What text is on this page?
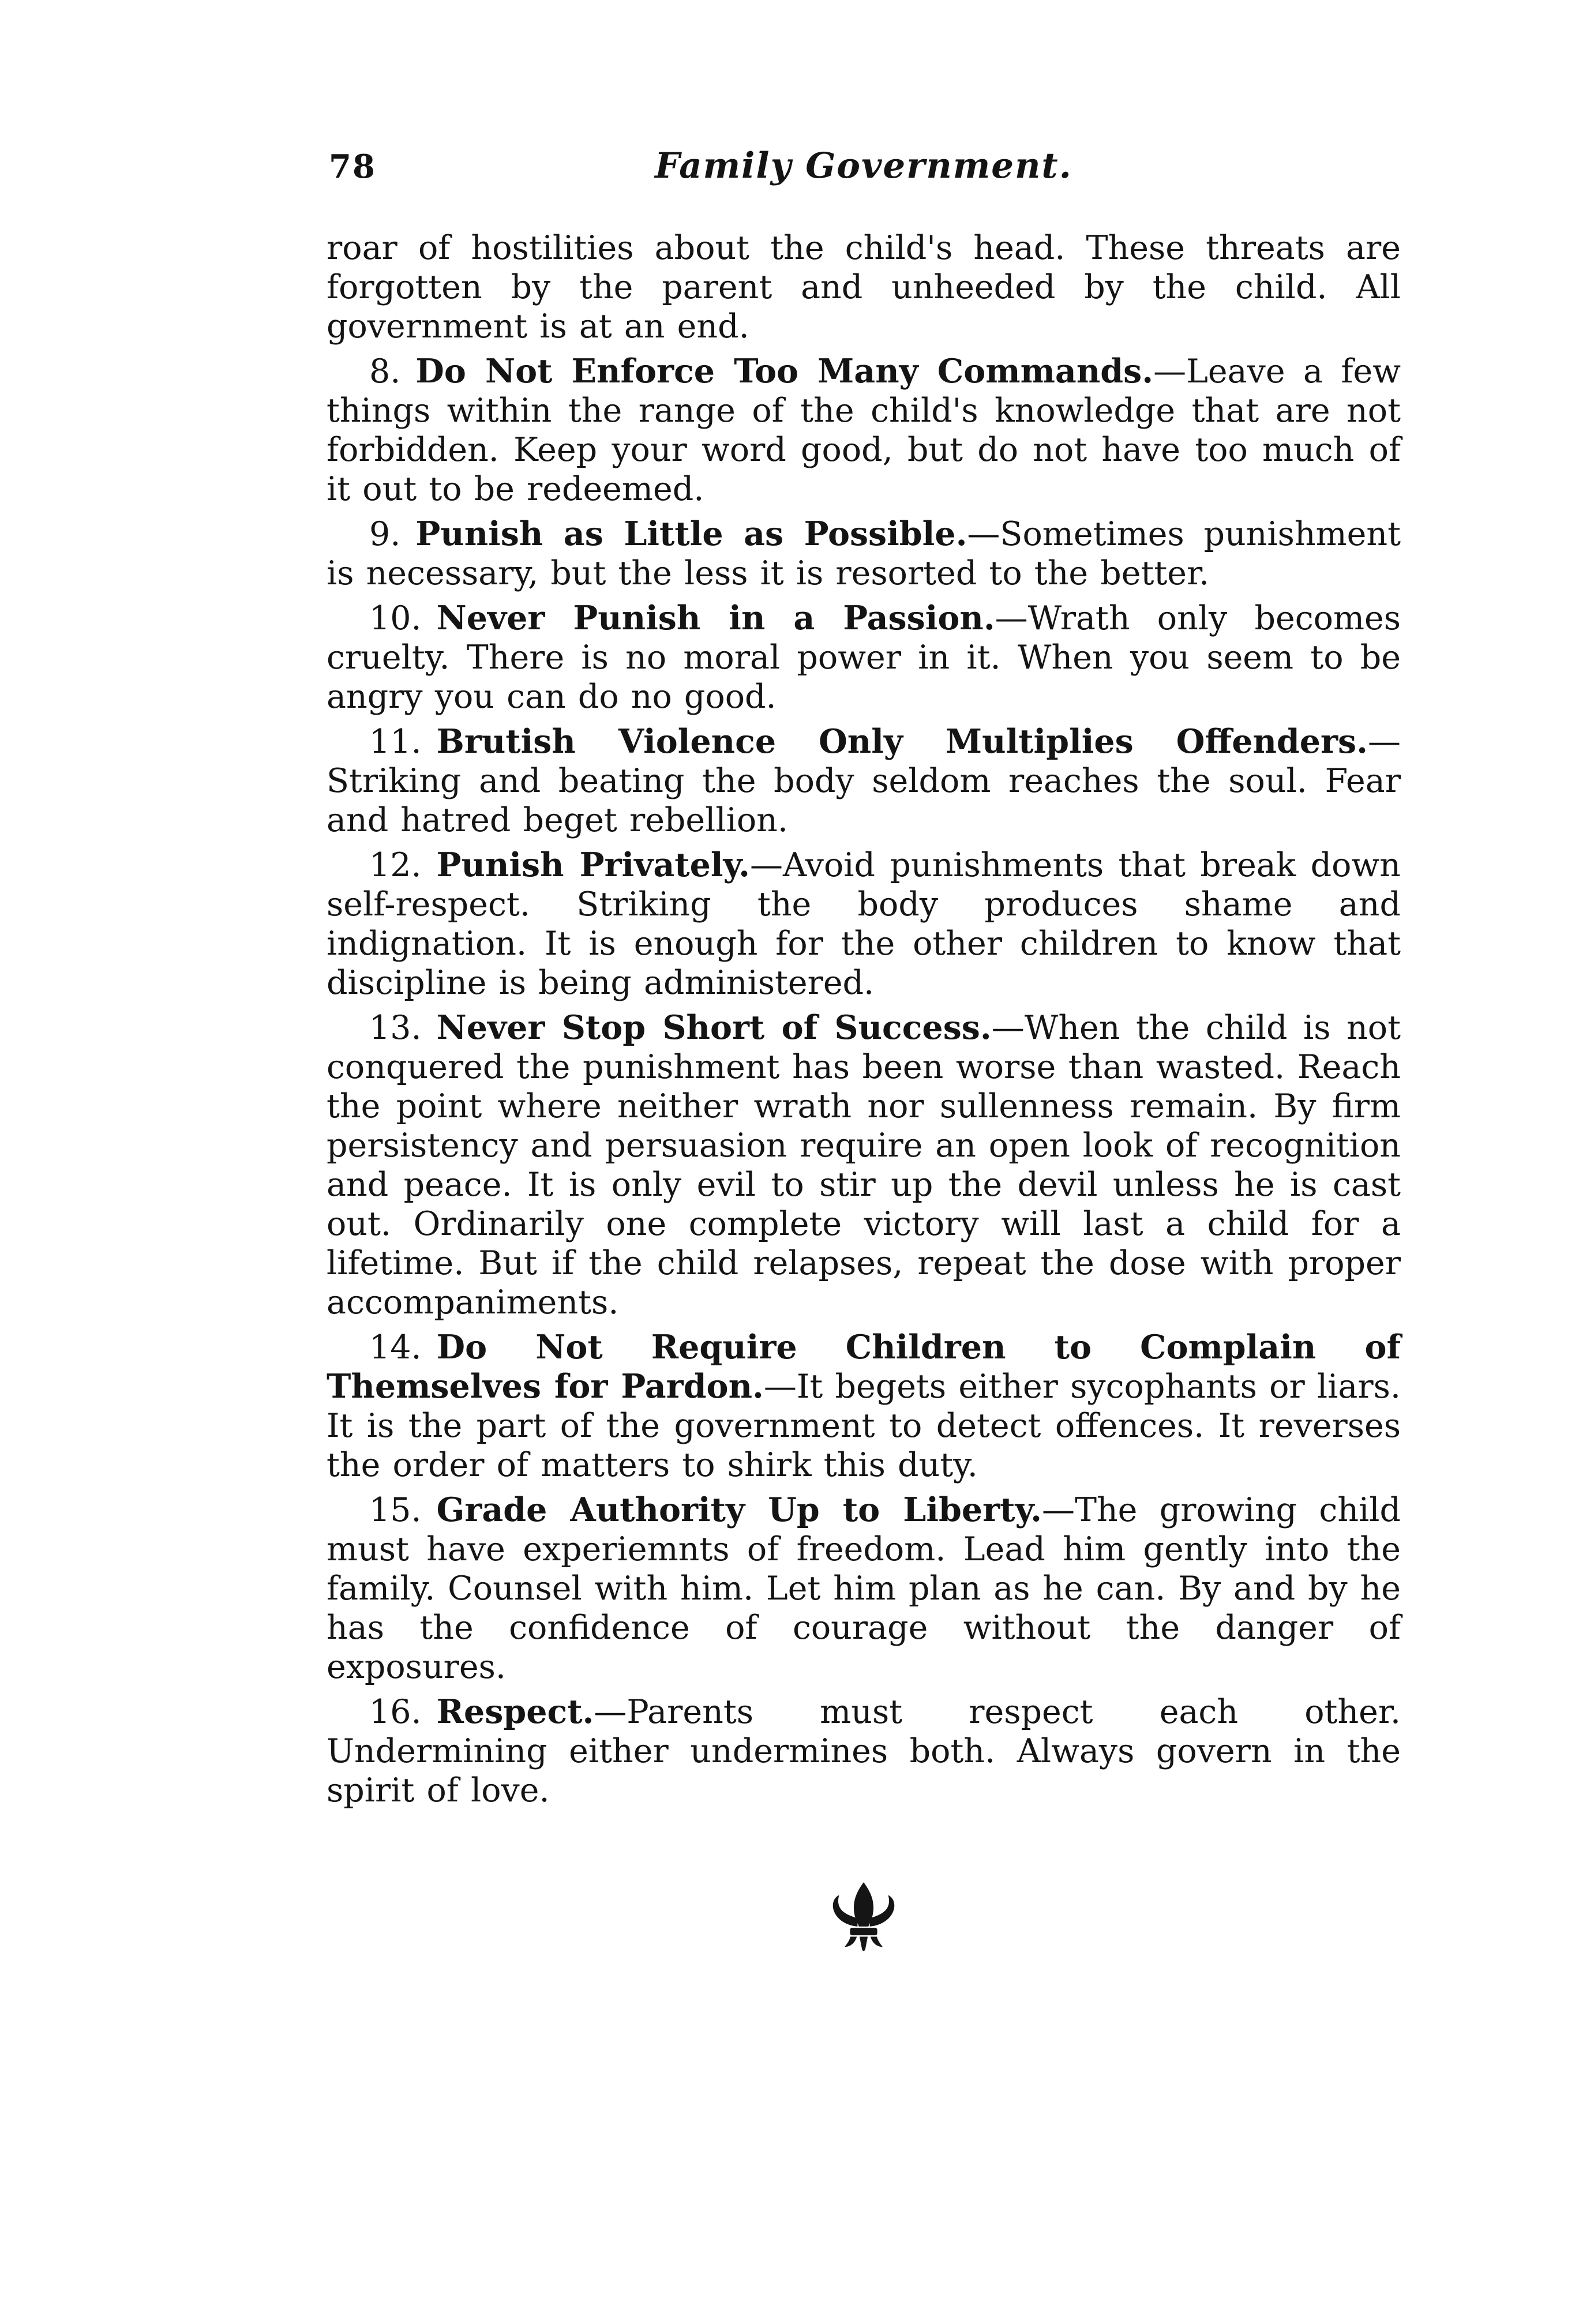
78	Family Government.

roar of hostilities about the child's head. These threats are forgotten by the parent and unheeded by the child. All government is at an end.

8. Do Not Enforce Too Many Commands.—Leave a few things within the range of the child's knowledge that are not forbidden. Keep your word good, but do not have too much of it out to be redeemed.

9. Punish as Little as Possible.—Sometimes punishment is necessary, but the less it is resorted to the better.

10. Never Punish in a Passion.—Wrath only becomes cruelty. There is no moral power in it. When you seem to be angry you can do no good.

11. Brutish Violence Only Multiplies Offenders.—Striking and beating the body seldom reaches the soul. Fear and hatred beget rebellion.

12. Punish Privately.—Avoid punishments that break down self-respect. Striking the body produces shame and indignation. It is enough for the other children to know that discipline is being administered.

13. Never Stop Short of Success.—When the child is not conquered the punishment has been worse than wasted. Reach the point where neither wrath nor sullenness remain. By firm persistency and persuasion require an open look of recognition and peace. It is only evil to stir up the devil unless he is cast out. Ordinarily one complete victory will last a child for a lifetime. But if the child relapses, repeat the dose with proper accompaniments.

14. Do Not Require Children to Complain of Themselves for Pardon.—It begets either sycophants or liars. It is the part of the government to detect offences. It reverses the order of matters to shirk this duty.

15. Grade Authority Up to Liberty.—The growing child must have experiemnts of freedom. Lead him gently into the family. Counsel with him. Let him plan as he can. By and by he has the confidence of courage without the danger of exposures.

16. Respect.—Parents must respect each other. Undermining either undermines both. Always govern in the spirit of love.
